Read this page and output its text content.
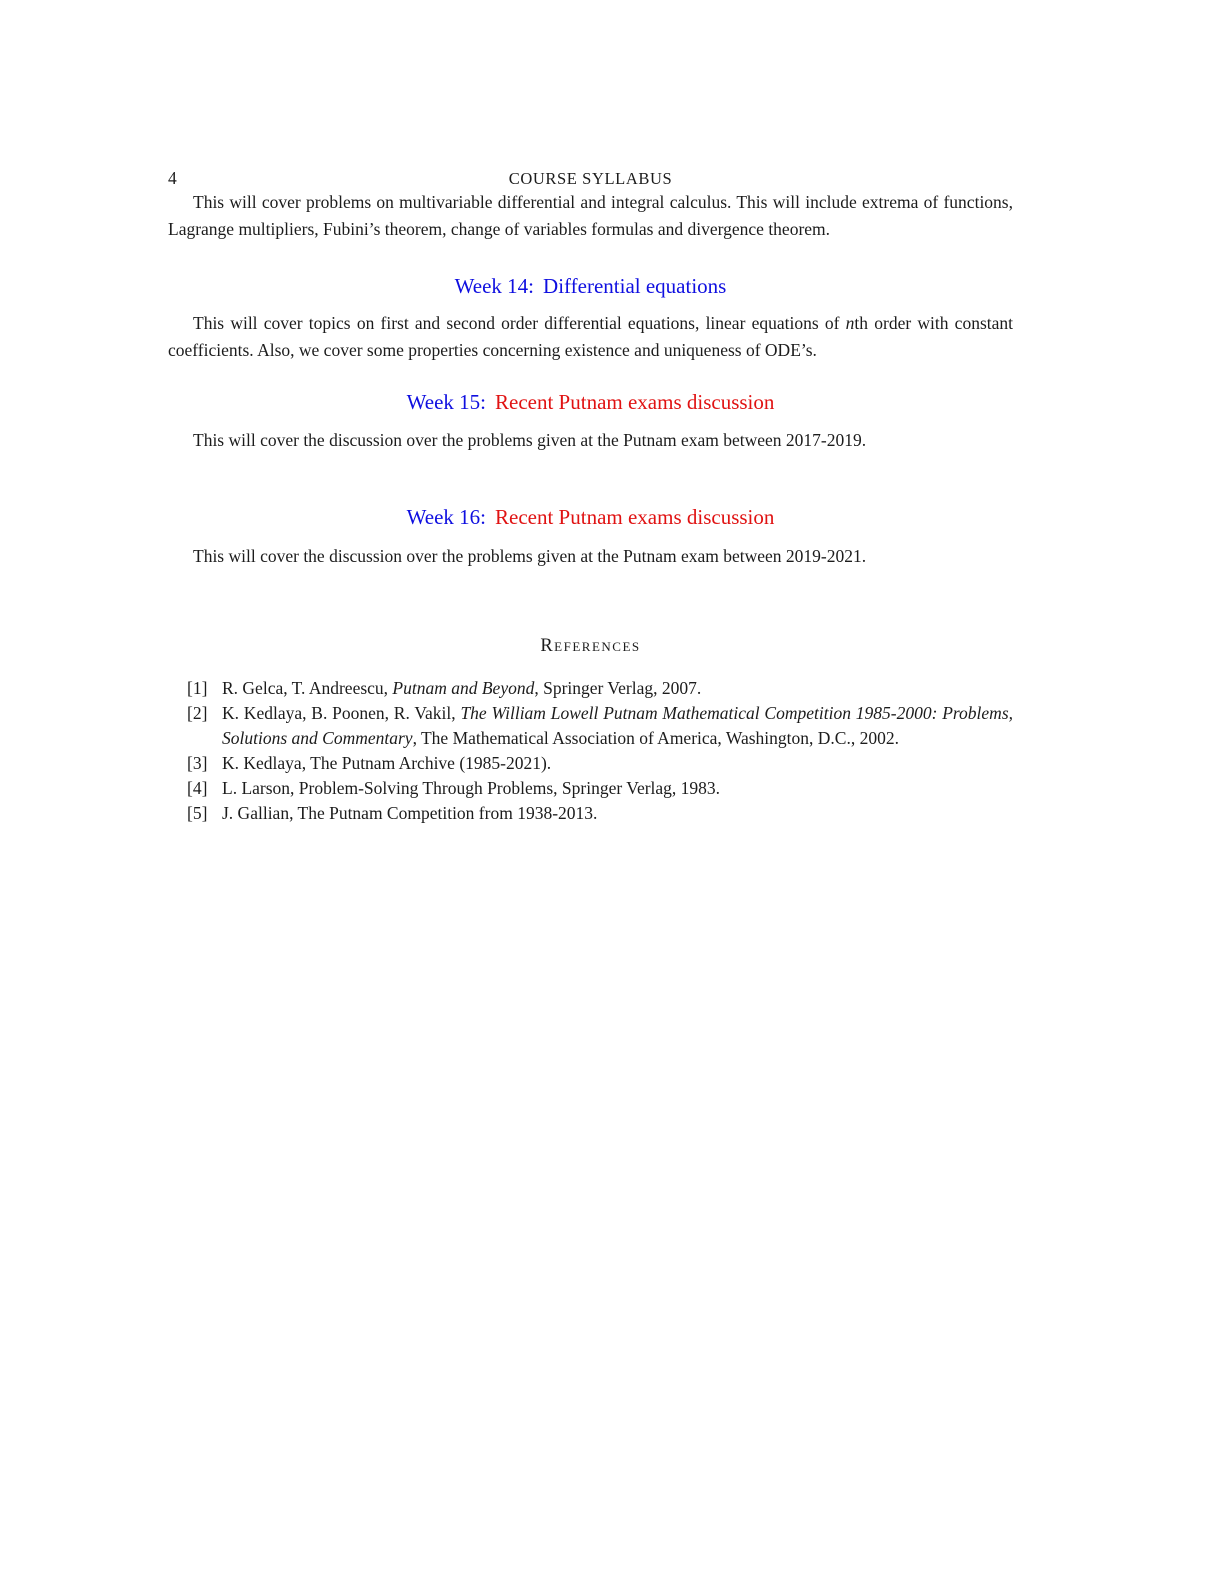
4	COURSE SYLLABUS

This will cover problems on multivariable differential and integral calculus. This will include extrema of functions, Lagrange multipliers, Fubini’s theorem, change of variables formulas and divergence theorem.

Week 14: Differential equations

This will cover topics on first and second order differential equations, linear equations of nth order with constant coefficients. Also, we cover some properties concerning existence and uniqueness of ODE’s.

Week 15: Recent Putnam exams discussion

This will cover the discussion over the problems given at the Putnam exam between 2017-2019.

Week 16: Recent Putnam exams discussion

This will cover the discussion over the problems given at the Putnam exam between 2019-2021.

References
[1] R. Gelca, T. Andreescu, Putnam and Beyond, Springer Verlag, 2007.
[2] K. Kedlaya, B. Poonen, R. Vakil, The William Lowell Putnam Mathematical Competition 1985-2000: Problems, Solutions and Commentary, The Mathematical Association of America, Washington, D.C., 2002.
[3] K. Kedlaya, The Putnam Archive (1985-2021).
[4] L. Larson, Problem-Solving Through Problems, Springer Verlag, 1983.
[5] J. Gallian, The Putnam Competition from 1938-2013.
